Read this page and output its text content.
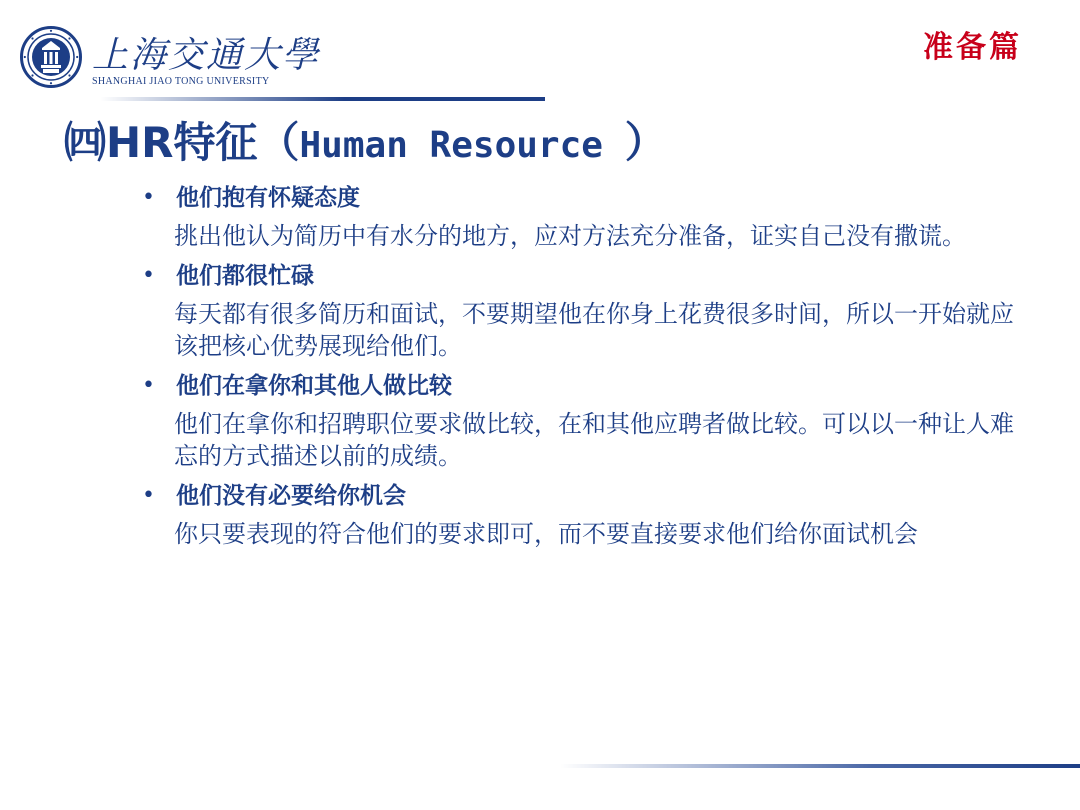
上海交通大學
SHANGHAI JIAO TONG UNIVERSITY
准备篇
㈣HR特征（Human Resource ）
• 他们抱有怀疑态度
挑出他认为简历中有水分的地方，应对方法充分准备，证实自己没有撒谎。
• 他们都很忙碌
每天都有很多简历和面试，不要期望他在你身上花费很多时间，所以一开始就应该把核心优势展现给他们。
• 他们在拿你和其他人做比较
他们在拿你和招聘职位要求做比较，在和其他应聘者做比较。可以以一种让人难忘的方式描述以前的成绩。
• 他们没有必要给你机会
你只要表现的符合他们的要求即可，而不要直接要求他们给你面试机会
